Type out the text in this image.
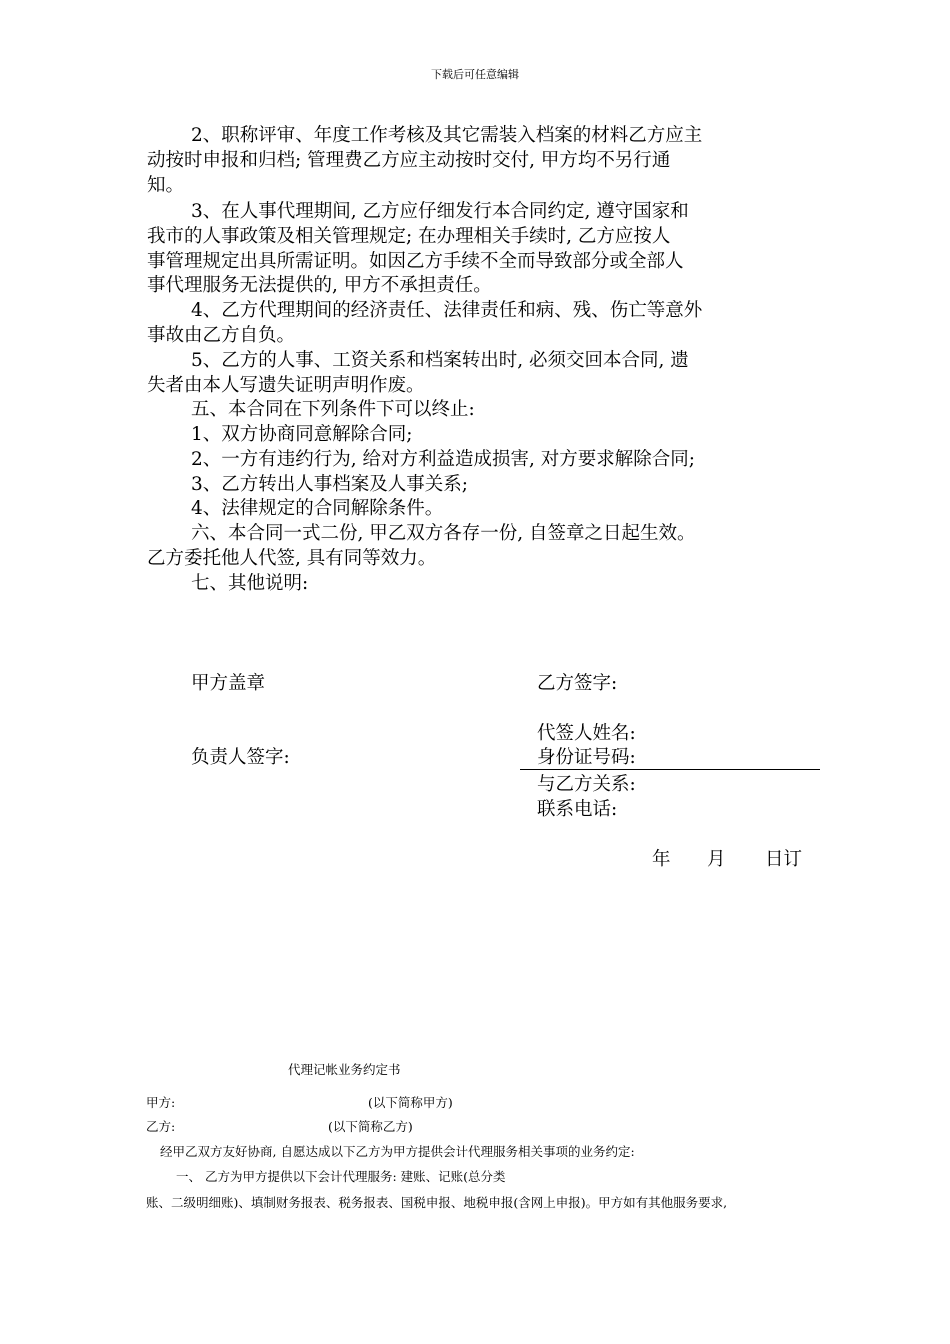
下载后可任意编辑
2、职称评审、年度工作考核及其它需装入档案的材料乙方应主
动按时申报和归档; 管理费乙方应主动按时交付, 甲方均不另行通
知。
3、在人事代理期间, 乙方应仔细发行本合同约定, 遵守国家和
我市的人事政策及相关管理规定; 在办理相关手续时, 乙方应按人
事管理规定出具所需证明。如因乙方手续不全而导致部分或全部人
事代理服务无法提供的, 甲方不承担责任。
4、乙方代理期间的经济责任、法律责任和病、残、伤亡等意外
事故由乙方自负。
5、乙方的人事、工资关系和档案转出时, 必须交回本合同, 遗
失者由本人写遗失证明声明作废。
五、本合同在下列条件下可以终止:
1、双方协商同意解除合同;
2、一方有违约行为, 给对方利益造成损害, 对方要求解除合同;
3、乙方转出人事档案及人事关系;
4、法律规定的合同解除条件。
六、本合同一式二份, 甲乙双方各存一份, 自签章之日起生效。
乙方委托他人代签, 具有同等效力。
七、其他说明:
甲方盖章	乙方签字:
代签人姓名:
负责人签字:	身份证号码:
与乙方关系:
联系电话:
年 月 日订
代理记帐业务约定书
甲方:	(以下简称甲方)
乙方:	(以下简称乙方)
经甲乙双方友好协商, 自愿达成以下乙方为甲方提供会计代理服务相关事项的业务约定:
一、 乙方为甲方提供以下会计代理服务: 建账、记账(总分类
账、二级明细账)、填制财务报表、税务报表、国税申报、地税申报(含网上申报)。甲方如有其他服务要求,
